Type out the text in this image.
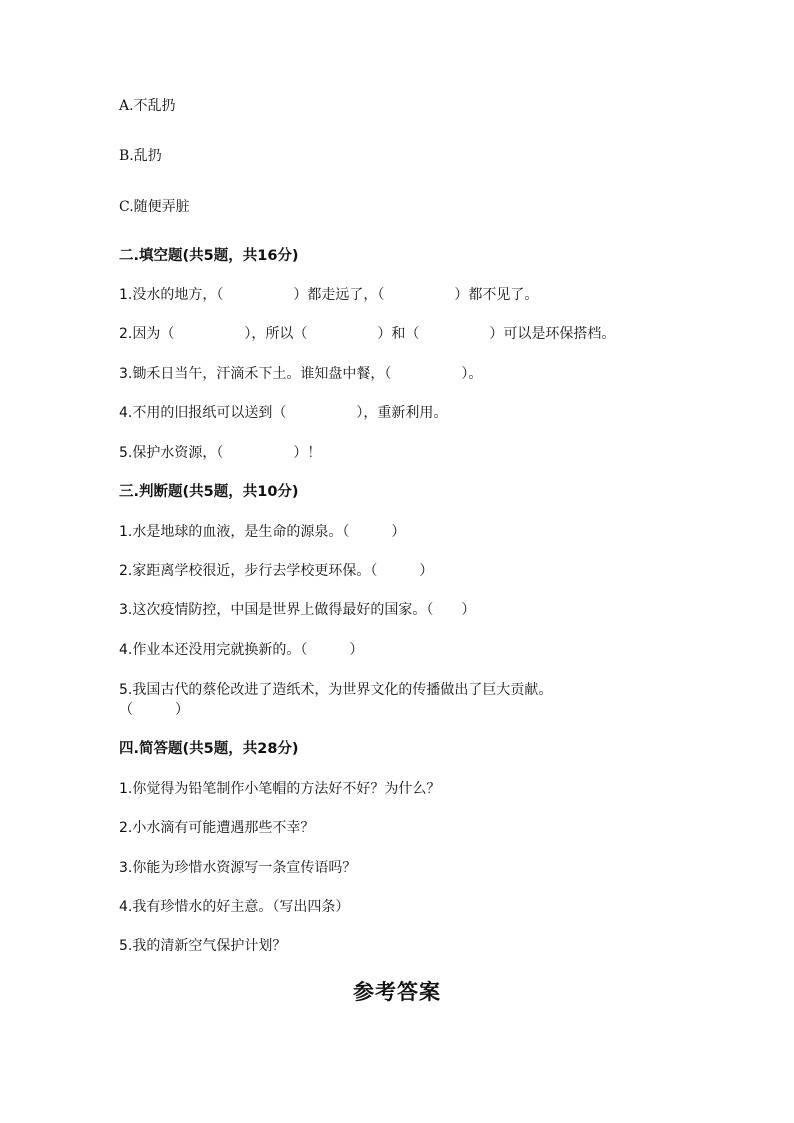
A.不乱扔
B.乱扔
C.随便弄脏
二.填空题(共5题，共16分)
1.没水的地方，（　　　　　）都走远了，（　　　　　）都不见了。
2.因为（　　　　　），所以（　　　　　）和（　　　　　）可以是环保搭档。
3.锄禾日当午，汗滴禾下土。谁知盘中餐，（　　　　　）。
4.不用的旧报纸可以送到（　　　　　），重新利用。
5.保护水资源，（　　　　　）！
三.判断题(共5题，共10分)
1.水是地球的血液，是生命的源泉。（　　　）
2.家距离学校很近，步行去学校更环保。（　　　）
3.这次疫情防控，中国是世界上做得最好的国家。（　　）
4.作业本还没用完就换新的。（　　　）
5.我国古代的蔡伦改进了造纸术，为世界文化的传播做出了巨大贡献。
（　　　）
四.简答题(共5题，共28分)
1.你觉得为铅笔制作小笔帽的方法好不好？为什么？
2.小水滴有可能遭遇那些不幸？
3.你能为珍惜水资源写一条宣传语吗？
4.我有珍惜水的好主意。（写出四条）
5.我的清新空气保护计划？
参考答案
